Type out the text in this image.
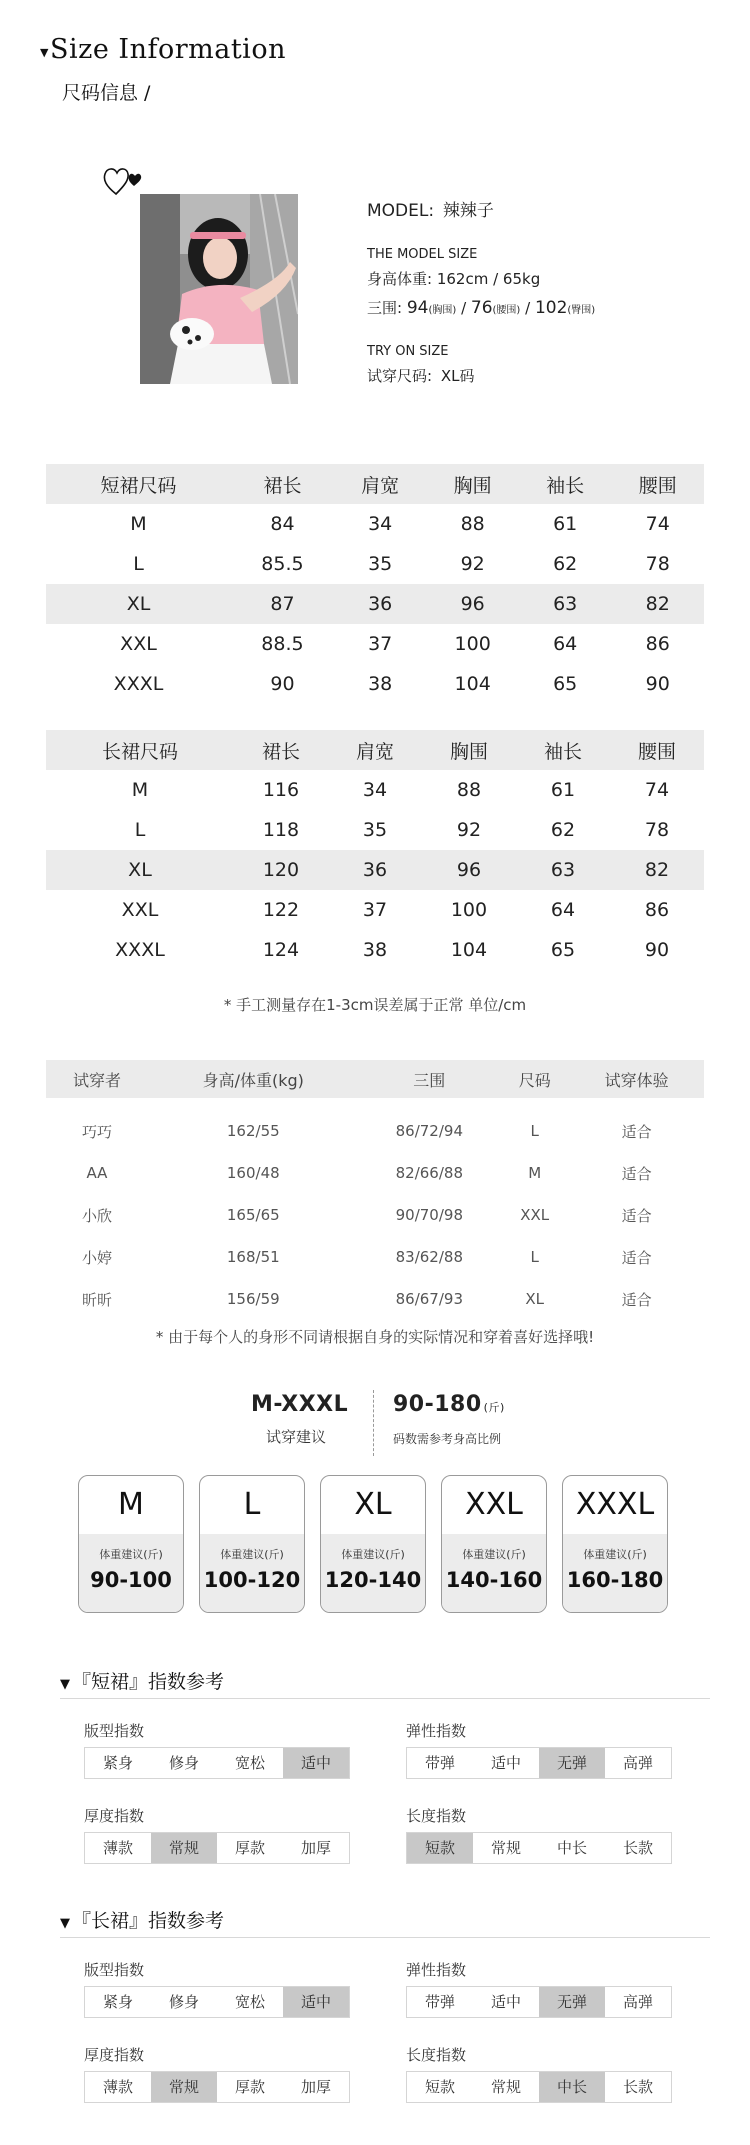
▼ Size Information
尺码信息 /
MODEL: 辣辣子
THE MODEL SIZE
身高体重: 162cm / 65kg
三围: 94(胸围) / 76(腰围) / 102(臀围)
TRY ON SIZE
试穿尺码: XL码
短裙尺码	裙长	肩宽	胸围	袖长	腰围
M	84	34	88	61	74
L	85.5	35	92	62	78
XL	87	36	96	63	82
XXL	88.5	37	100	64	86
XXXL	90	38	104	65	90
长裙尺码	裙长	肩宽	胸围	袖长	腰围
M	116	34	88	61	74
L	118	35	92	62	78
XL	120	36	96	63	82
XXL	122	37	100	64	86
XXXL	124	38	104	65	90
* 手工测量存在1-3cm误差属于正常 单位/cm
试穿者	身高/体重(kg)	三围	尺码	试穿体验

巧巧	162/55	86/72/94	L	适合
AA	160/48	82/66/88	M	适合
小欣	165/65	90/70/98	XXL	适合
小婷	168/51	83/62/88	L	适合
昕昕	156/59	86/67/93	XL	适合
* 由于每个人的身形不同请根据自身的实际情况和穿着喜好选择哦!
M-XXXL
试穿建议
90-180 (斤)
码数需参考身高比例
M
体重建议(斤)
90-100
L
体重建议(斤)
100-120
XL
体重建议(斤)
120-140
XXL
体重建议(斤)
140-160
XXXL
体重建议(斤)
160-180
▼ 『短裙』指数参考
版型指数
紧身	修身	宽松	适中
弹性指数
带弹	适中	无弹	高弹
厚度指数
薄款	常规	厚款	加厚
长度指数
短款	常规	中长	长款
▼ 『长裙』指数参考
版型指数
紧身	修身	宽松	适中
弹性指数
带弹	适中	无弹	高弹
厚度指数
薄款	常规	厚款	加厚
长度指数
短款	常规	中长	长款
